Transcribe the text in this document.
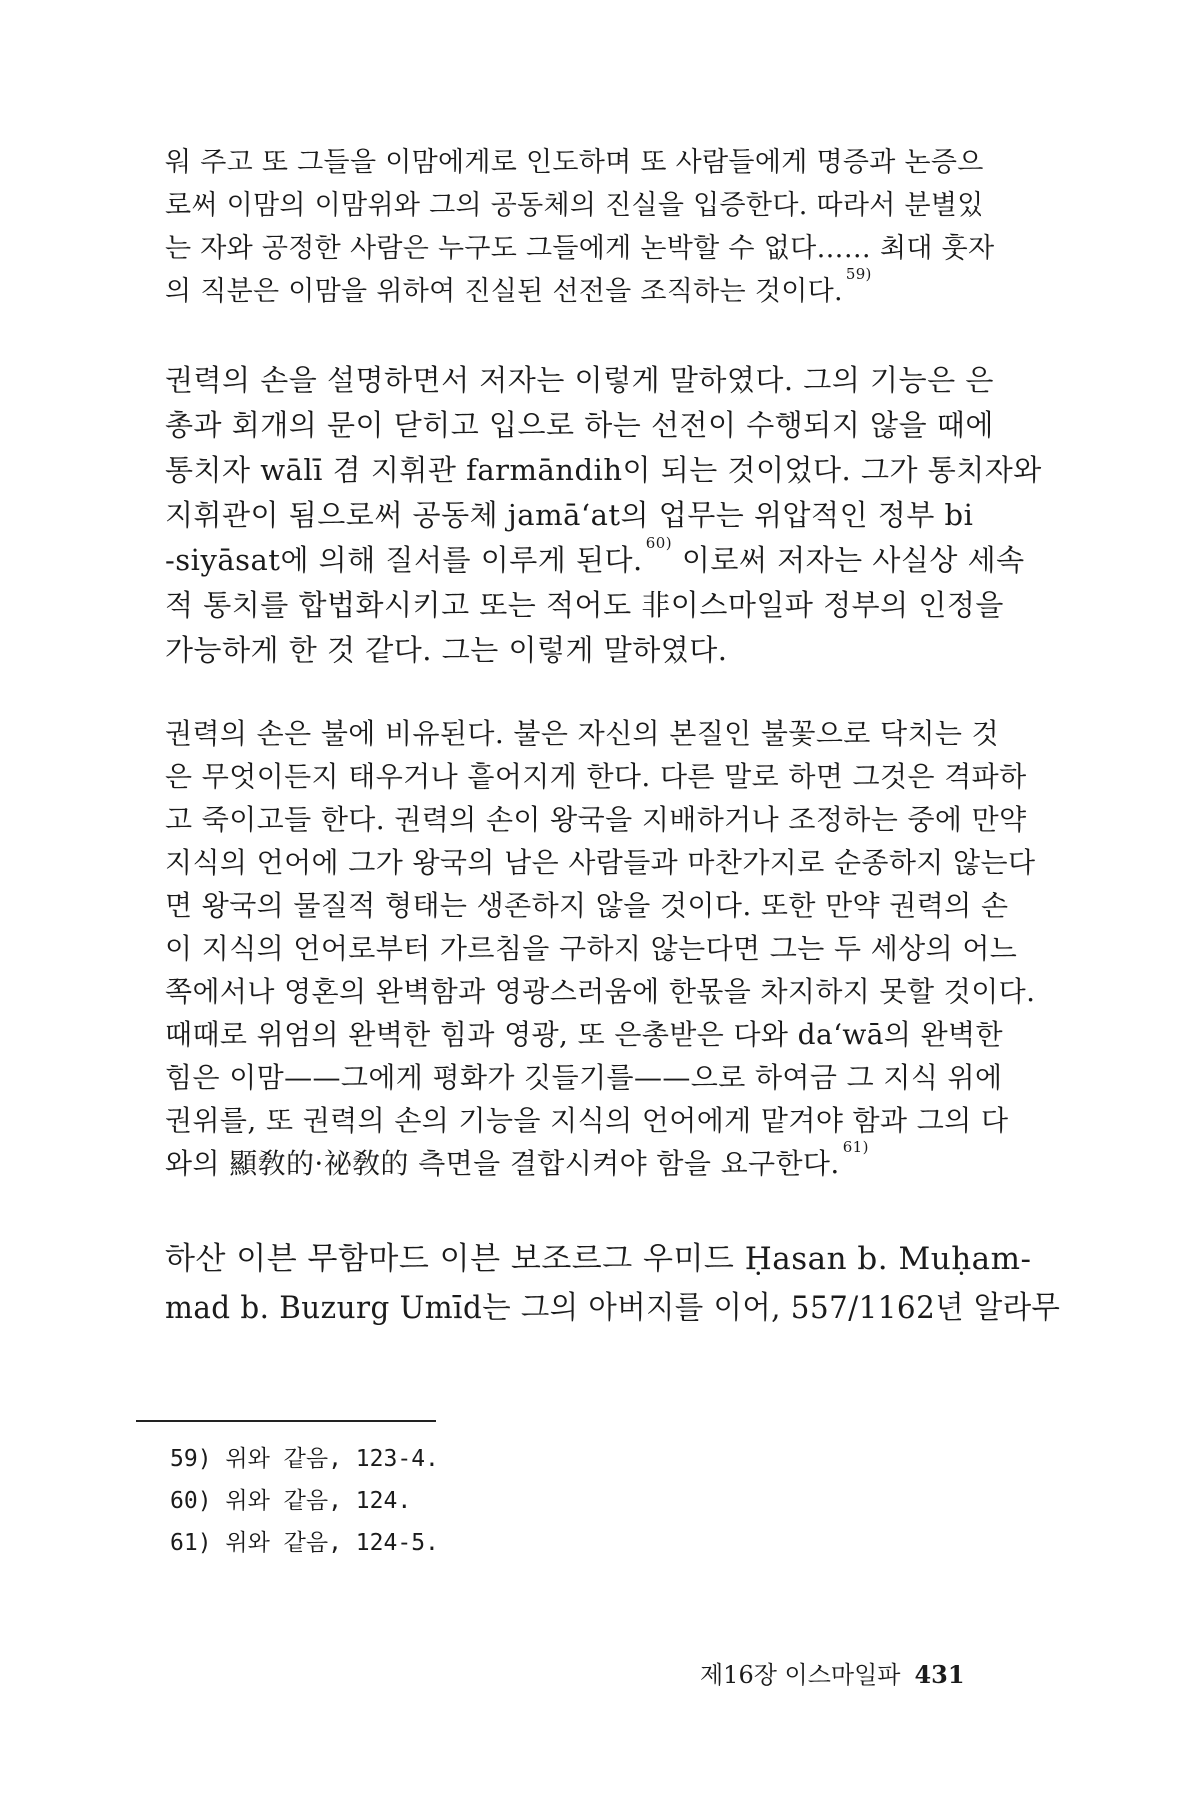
워 주고 또 그들을 이맘에게로 인도하며 또 사람들에게 명증과 논증으
로써 이맘의 이맘위와 그의 공동체의 진실을 입증한다. 따라서 분별있
는 자와 공정한 사람은 누구도 그들에게 논박할 수 없다…… 최대 훗자
의 직분은 이맘을 위하여 진실된 선전을 조직하는 것이다.$^{59)}$
권력의 손을 설명하면서 저자는 이렇게 말하였다. 그의 기능은 은
총과 회개의 문이 닫히고 입으로 하는 선전이 수행되지 않을 때에
통치자 wālī 겸 지휘관 farmāndih이 되는 것이었다. 그가 통치자와
지휘관이 됨으로써 공동체 jamā‘at의 업무는 위압적인 정부 bi
-siyāsat에 의해 질서를 이루게 된다. $^{60)}$ 이로써 저자는 사실상 세속
적 통치를 합법화시키고 또는 적어도 非이스마일파 정부의 인정을
가능하게 한 것 같다. 그는 이렇게 말하였다.
권력의 손은 불에 비유된다. 불은 자신의 본질인 불꽃으로 닥치는 것
은 무엇이든지 태우거나 흩어지게 한다. 다른 말로 하면 그것은 격파하
고 죽이고들 한다. 권력의 손이 왕국을 지배하거나 조정하는 중에 만약
지식의 언어에 그가 왕국의 남은 사람들과 마찬가지로 순종하지 않는다
면 왕국의 물질적 형태는 생존하지 않을 것이다. 또한 만약 권력의 손
이 지식의 언어로부터 가르침을 구하지 않는다면 그는 두 세상의 어느
쪽에서나 영혼의 완벽함과 영광스러움에 한몫을 차지하지 못할 것이다.
때때로 위엄의 완벽한 힘과 영광, 또 은총받은 다와 da‘wā의 완벽한
힘은 이맘——그에게 평화가 깃들기를——으로 하여금 그 지식 위에
권위를, 또 권력의 손의 기능을 지식의 언어에게 맡겨야 함과 그의 다
와의 顯敎的·祕敎的 측면을 결합시켜야 함을 요구한다. $^{61)}$
하산 이븐 무함마드 이븐 보조르그 우미드 Ḥasan b. Muḥam-
mad b. Buzurg Umīd는 그의 아버지를 이어, 557/1162년 알라무
59) 위와 같음, 123-4.
60) 위와 같음, 124.
61) 위와 같음, 124-5.
제16장 이스마일파 431
